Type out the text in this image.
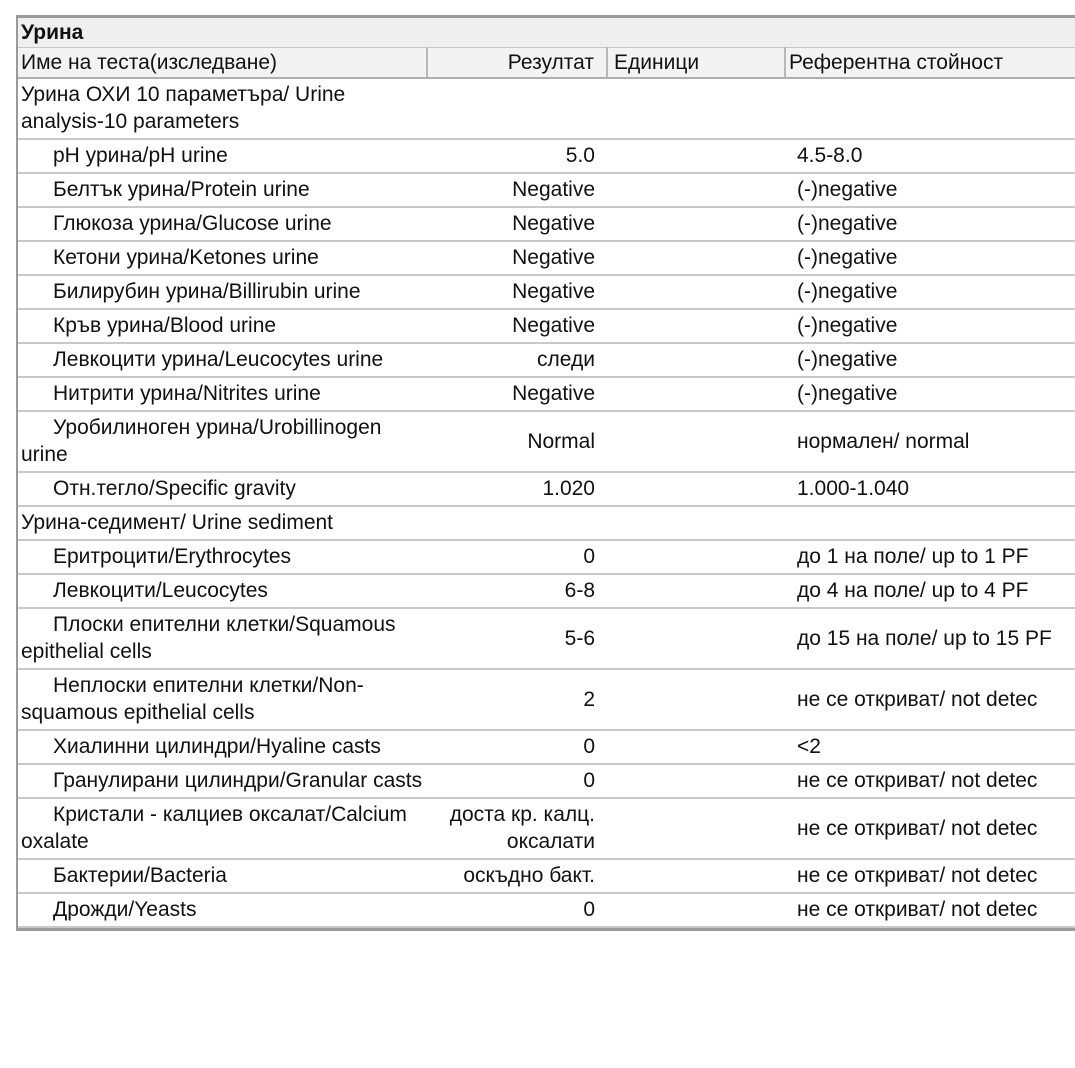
Урина			
Име на теста(изследване)	Резултат	Единици	Референтна стойност
Урина ОХИ 10 параметъра/ Urine analysis-10 parameters			
pH урина/pH urine	5.0		4.5-8.0
Белтък урина/Protein urine	Negative		(-)negative
Глюкоза урина/Glucose urine	Negative		(-)negative
Кетони урина/Ketones urine	Negative		(-)negative
Билирубин урина/Billirubin urine	Negative		(-)negative
Кръв урина/Blood urine	Negative		(-)negative
Левкоцити урина/Leucocytes urine	следи		(-)negative
Нитрити урина/Nitrites urine	Negative		(-)negative
Уробилиноген урина/Urobillinogen urine	Normal		нормален/ normal
Отн.тегло/Specific gravity	1.020		1.000-1.040
Урина-седимент/ Urine sediment			
Еритроцити/Erythrocytes	0		до 1 на поле/ up to 1 PF
Левкоцити/Leucocytes	6-8		до 4 на поле/ up to 4 PF
Плоски епителни клетки/Squamous epithelial cells	5-6		до 15 на поле/ up to 15 PF
Неплоски епителни клетки/Non-squamous epithelial cells	2		не се откриват/ not detec
Хиалинни цилиндри/Hyaline casts	0		<2
Гранулирани цилиндри/Granular casts	0		не се откриват/ not detec
Кристали - калциев оксалат/Calcium oxalate	доста кр. калц. оксалати		не се откриват/ not detec
Бактерии/Bacteria	оскъдно бакт.		не се откриват/ not detec
Дрожди/Yeasts	0		не се откриват/ not detec
